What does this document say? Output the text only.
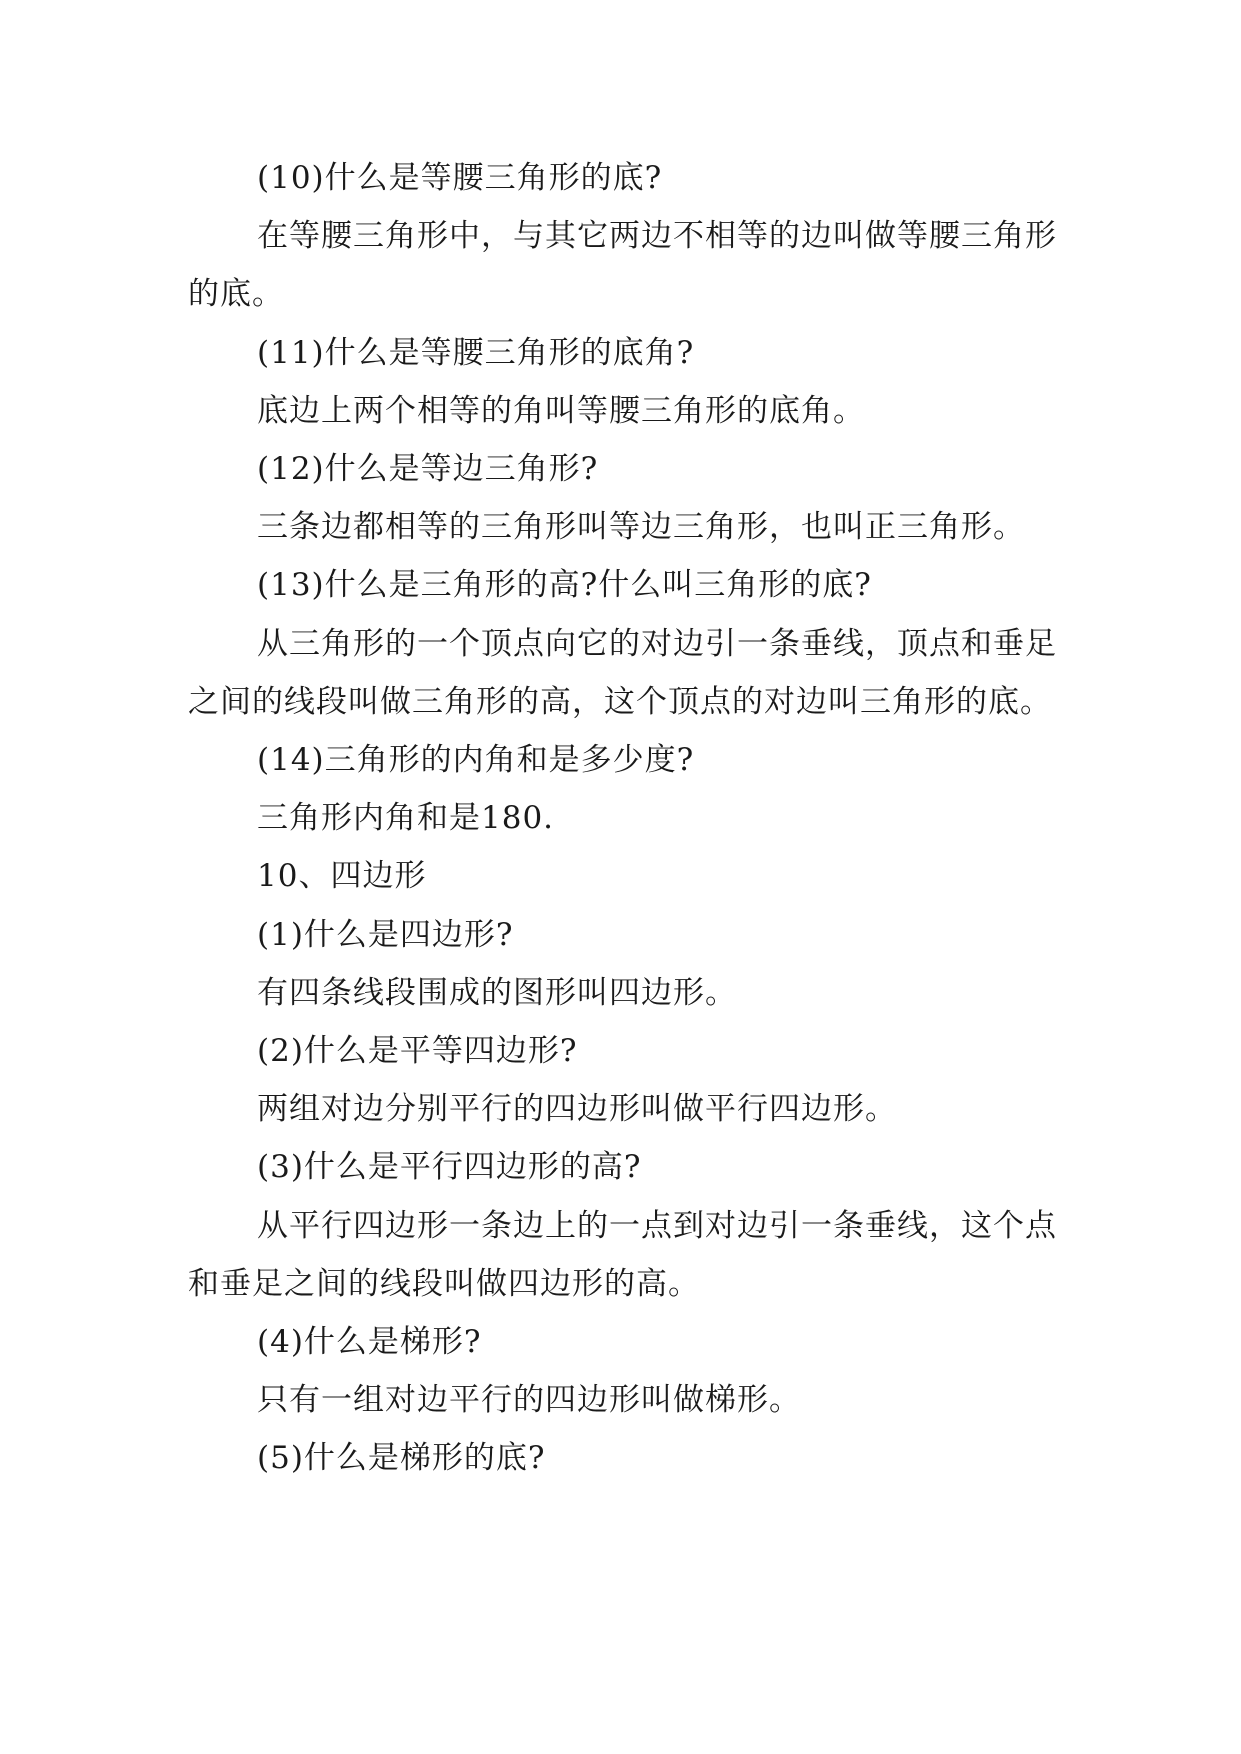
(10)什么是等腰三角形的底?

在等腰三角形中，与其它两边不相等的边叫做等腰三角形的底。

(11)什么是等腰三角形的底角?

底边上两个相等的角叫等腰三角形的底角。

(12)什么是等边三角形?

三条边都相等的三角形叫等边三角形，也叫正三角形。

(13)什么是三角形的高?什么叫三角形的底?

从三角形的一个顶点向它的对边引一条垂线，顶点和垂足之间的线段叫做三角形的高，这个顶点的对边叫三角形的底。

(14)三角形的内角和是多少度?

三角形内角和是180.

10、四边形

(1)什么是四边形?

有四条线段围成的图形叫四边形。

(2)什么是平等四边形?

两组对边分别平行的四边形叫做平行四边形。

(3)什么是平行四边形的高?

从平行四边形一条边上的一点到对边引一条垂线，这个点和垂足之间的线段叫做四边形的高。

(4)什么是梯形?

只有一组对边平行的四边形叫做梯形。

(5)什么是梯形的底?
